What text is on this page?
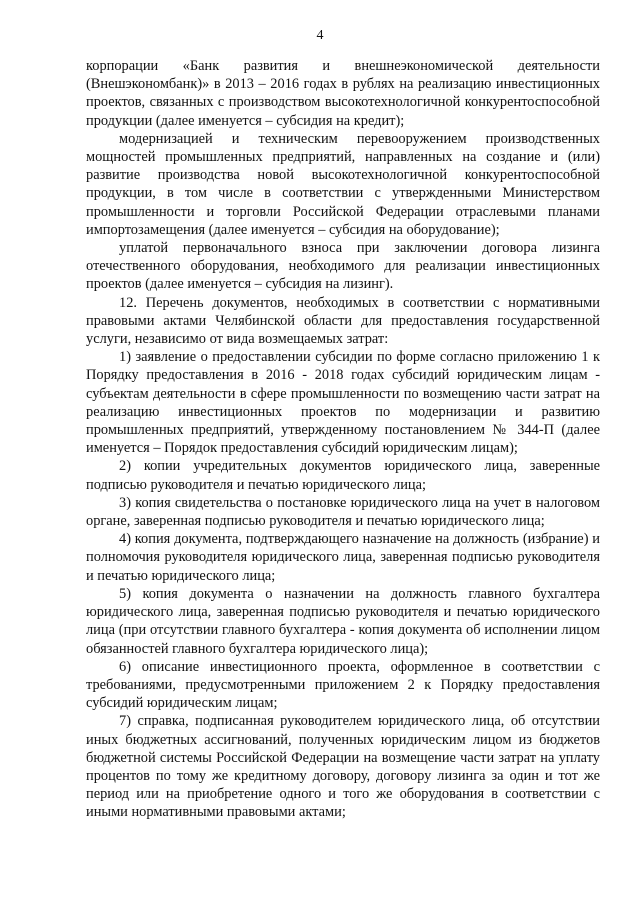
4

корпорации «Банк развития и внешнеэкономической деятельности (Внешэкономбанк)» в 2013 – 2016 годах в рублях на реализацию инвестиционных проектов, связанных с производством высокотехнологичной конкурентоспособной продукции (далее именуется – субсидия на кредит);

модернизацией и техническим перевооружением производственных мощностей промышленных предприятий, направленных на создание и (или) развитие производства новой высокотехнологичной конкурентоспособной продукции, в том числе в соответствии с утвержденными Министерством промышленности и торговли Российской Федерации отраслевыми планами импортозамещения (далее именуется – субсидия на оборудование);

уплатой первоначального взноса при заключении договора лизинга отечественного оборудования, необходимого для реализации инвестиционных проектов (далее именуется – субсидия на лизинг).

12. Перечень документов, необходимых в соответствии с нормативными правовыми актами Челябинской области для предоставления государственной услуги, независимо от вида возмещаемых затрат:

1) заявление о предоставлении субсидии по форме согласно приложению 1 к Порядку предоставления в 2016 - 2018 годах субсидий юридическим лицам - субъектам деятельности в сфере промышленности по возмещению части затрат на реализацию инвестиционных проектов по модернизации и развитию промышленных предприятий, утвержденному постановлением № 344-П (далее именуется – Порядок предоставления субсидий юридическим лицам);

2) копии учредительных документов юридического лица, заверенные подписью руководителя и печатью юридического лица;

3) копия свидетельства о постановке юридического лица на учет в налоговом органе, заверенная подписью руководителя и печатью юридического лица;

4) копия документа, подтверждающего назначение на должность (избрание) и полномочия руководителя юридического лица, заверенная подписью руководителя и печатью юридического лица;

5) копия документа о назначении на должность главного бухгалтера юридического лица, заверенная подписью руководителя и печатью юридического лица (при отсутствии главного бухгалтера - копия документа об исполнении лицом обязанностей главного бухгалтера юридического лица);

6) описание инвестиционного проекта, оформленное в соответствии с требованиями, предусмотренными приложением 2 к Порядку предоставления субсидий юридическим лицам;

7) справка, подписанная руководителем юридического лица, об отсутствии иных бюджетных ассигнований, полученных юридическим лицом из бюджетов бюджетной системы Российской Федерации на возмещение части затрат на уплату процентов по тому же кредитному договору, договору лизинга за один и тот же период или на приобретение одного и того же оборудования в соответствии с иными нормативными правовыми актами;
